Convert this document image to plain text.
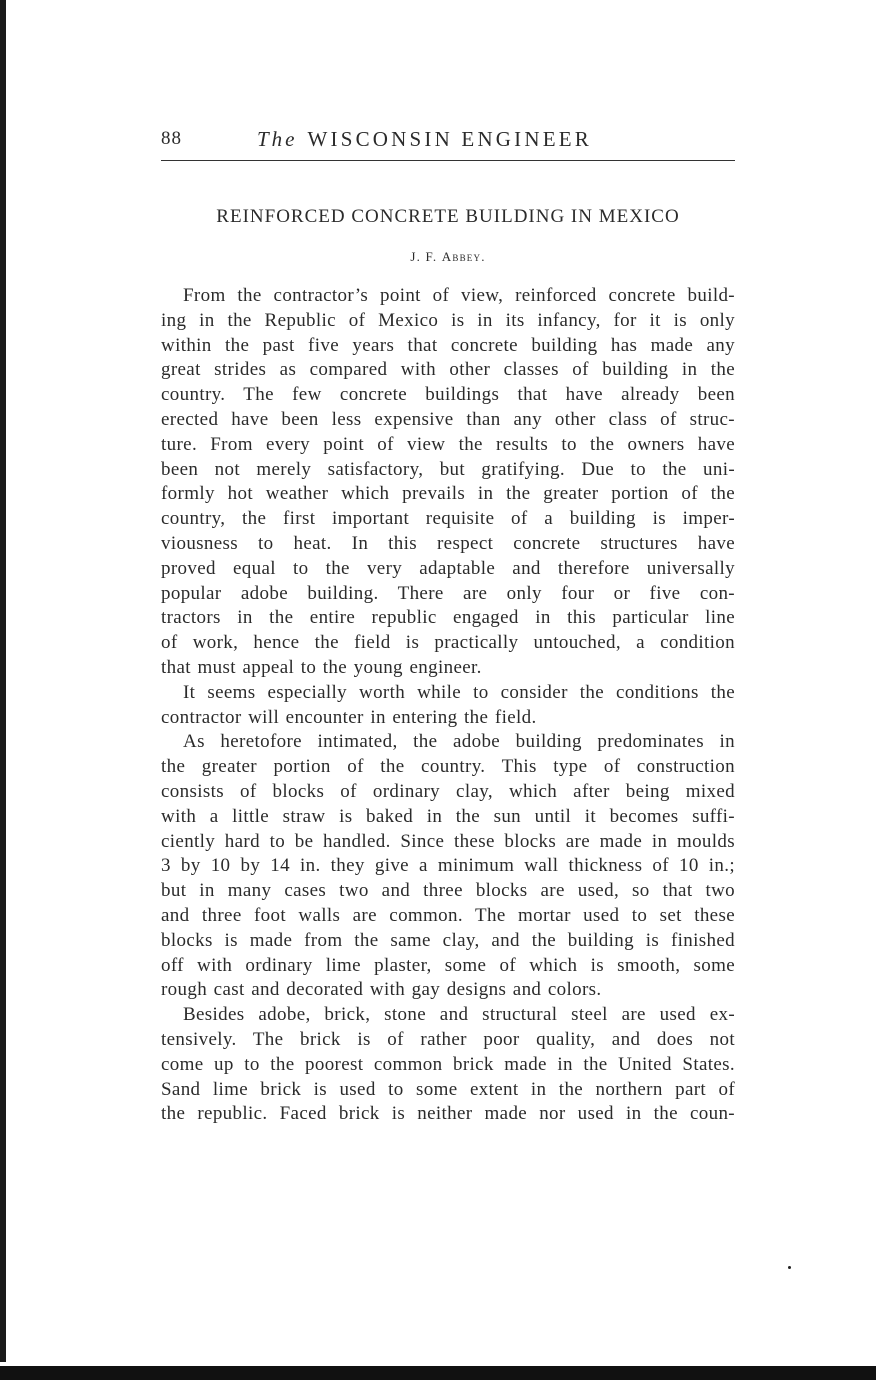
88	The WISCONSIN ENGINEER
REINFORCED CONCRETE BUILDING IN MEXICO
J. F. Abbey.
From the contractor’s point of view, reinforced concrete build-
ing in the Republic of Mexico is in its infancy, for it is only
within the past five years that concrete building has made any
great strides as compared with other classes of building in the
country. The few concrete buildings that have already been
erected have been less expensive than any other class of struc-
ture. From every point of view the results to the owners have
been not merely satisfactory, but gratifying. Due to the uni-
formly hot weather which prevails in the greater portion of the
country, the first important requisite of a building is imper-
viousness to heat. In this respect concrete structures have
proved equal to the very adaptable and therefore universally
popular adobe building. There are only four or five con-
tractors in the entire republic engaged in this particular line
of work, hence the field is practically untouched, a condition
that must appeal to the young engineer.
It seems especially worth while to consider the conditions the
contractor will encounter in entering the field.
As heretofore intimated, the adobe building predominates in
the greater portion of the country. This type of construction
consists of blocks of ordinary clay, which after being mixed
with a little straw is baked in the sun until it becomes suffi-
ciently hard to be handled. Since these blocks are made in moulds
3 by 10 by 14 in. they give a minimum wall thickness of 10 in.;
but in many cases two and three blocks are used, so that two
and three foot walls are common. The mortar used to set these
blocks is made from the same clay, and the building is finished
off with ordinary lime plaster, some of which is smooth, some
rough cast and decorated with gay designs and colors.
Besides adobe, brick, stone and structural steel are used ex-
tensively. The brick is of rather poor quality, and does not
come up to the poorest common brick made in the United States.
Sand lime brick is used to some extent in the northern part of
the republic. Faced brick is neither made nor used in the coun-
